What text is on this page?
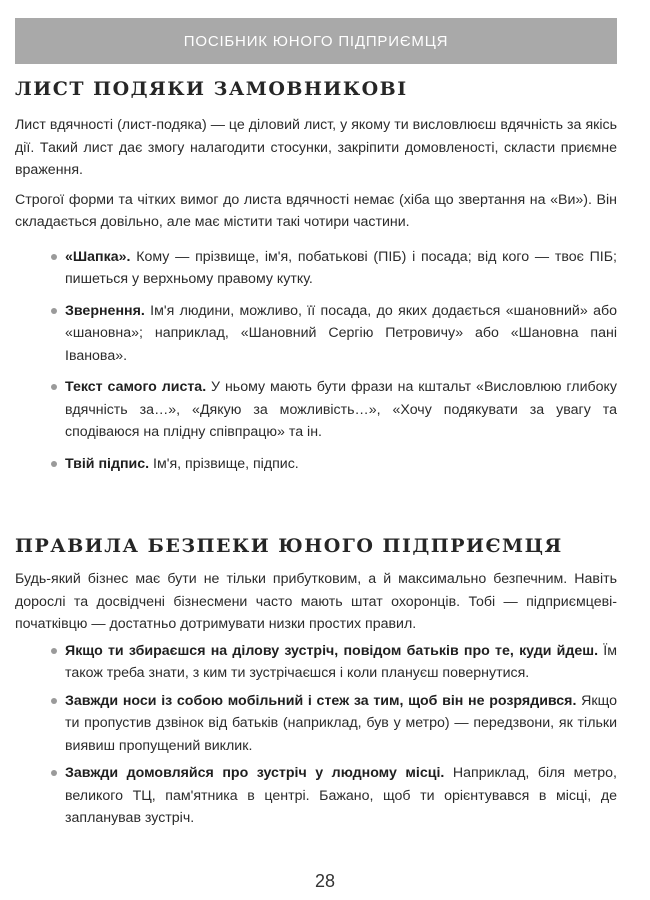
ПОСІБНИК ЮНОГО ПІДПРИЄМЦЯ
ЛИСТ ПОДЯКИ ЗАМОВНИКОВІ

Лист вдячності (лист-подяка) — це діловий лист, у якому ти висловлюєш вдячність за якісь дії. Такий лист дає змогу налагодити стосунки, закріпити домовленості, скласти приємне враження.

Строгої форми та чітких вимог до листа вдячності немає (хіба що звертання на «Ви»). Він складається довільно, але має містити такі чотири частини.

«Шапка». Кому — прізвище, ім'я, побатькові (ПІБ) і посада; від кого — твоє ПІБ; пишеться у верхньому правому кутку.
Звернення. Ім'я людини, можливо, її посада, до яких додається «шановний» або «шановна»; наприклад, «Шановний Сергію Петровичу» або «Шановна пані Іванова».
Текст самого листа. У ньому мають бути фрази на кштальт «Висловлюю глибоку вдячність за…», «Дякую за можливість…», «Хочу подякувати за увагу та сподіваюся на плідну співпрацю» та ін.
Твій підпис. Ім'я, прізвище, підпис.
ПРАВИЛА БЕЗПЕКИ ЮНОГО ПІДПРИЄМЦЯ

Будь-який бізнес має бути не тільки прибутковим, а й максимально безпечним. Навіть дорослі та досвідчені бізнесмени часто мають штат охоронців. Тобі — підприємцеві-початківцю — достатньо дотримувати низки простих правил.

Якщо ти збираєшся на ділову зустріч, повідом батьків про те, куди йдеш. Їм також треба знати, з ким ти зустрічаєшся і коли плануєш повернутися.
Завжди носи із собою мобільний і стеж за тим, щоб він не розрядився. Якщо ти пропустив дзвінок від батьків (наприклад, був у метро) — передзвони, як тільки виявиш пропущений виклик.
Завжди домовляйся про зустріч у людному місці. Наприклад, біля метро, великого ТЦ, пам'ятника в центрі. Бажано, щоб ти орієнтувався в місці, де запланував зустріч.
28
